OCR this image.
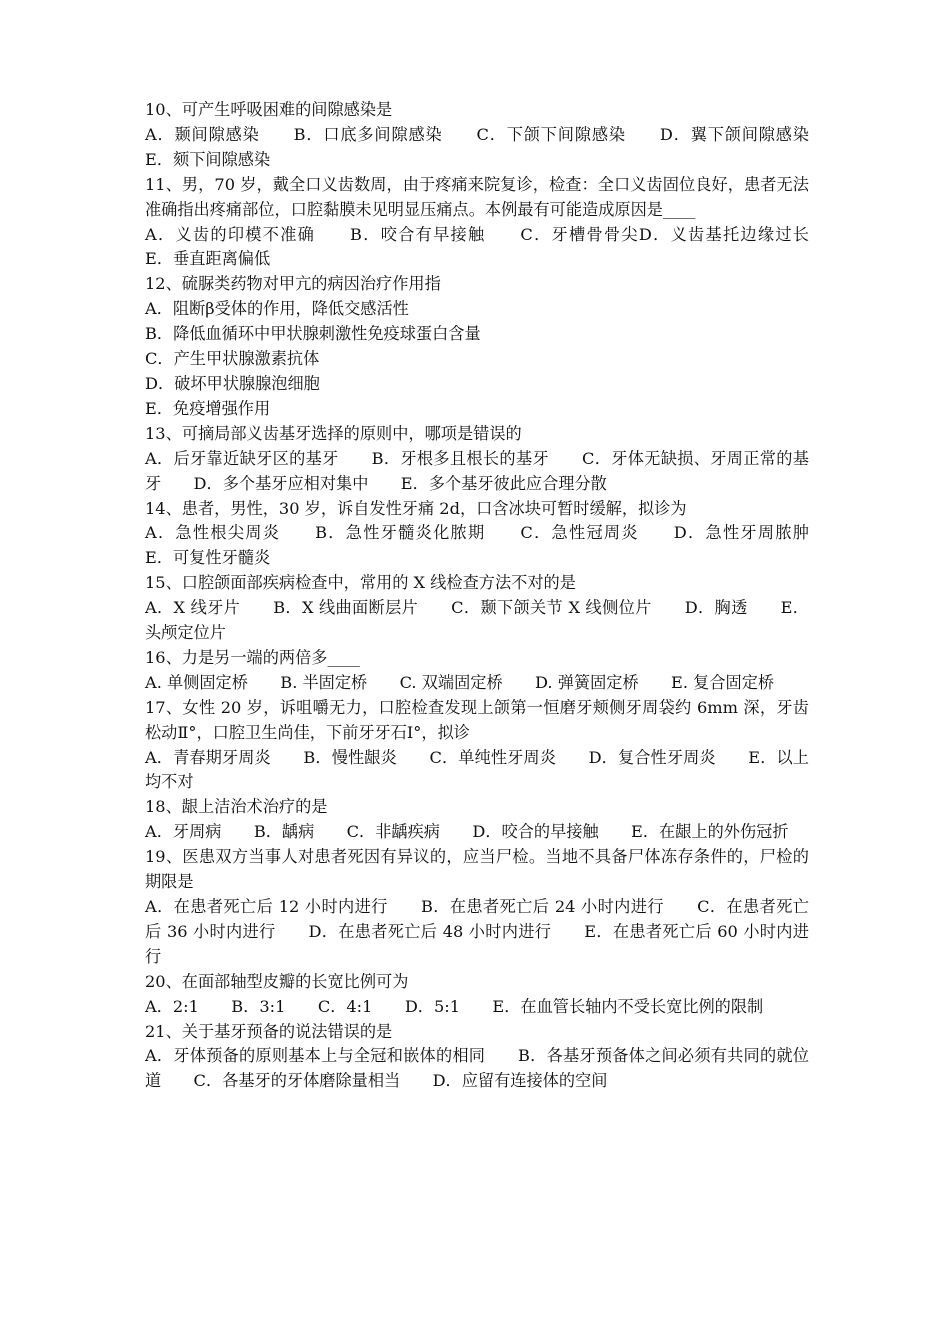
10、可产生呼吸困难的间隙感染是

A．颞间隙感染　　B．口底多间隙感染　　C．下颌下间隙感染　　D．翼下颌间隙感染　　E．颏下间隙感染

11、男，70 岁，戴全口义齿数周，由于疼痛来院复诊，检查：全口义齿固位良好，患者无法准确指出疼痛部位，口腔黏膜未见明显压痛点。本例最有可能造成原因是____

A．义齿的印模不准确　　B．咬合有早接触　　C．牙槽骨骨尖D．义齿基托边缘过长　　E．垂直距离偏低

12、硫脲类药物对甲亢的病因治疗作用指

A．阻断β受体的作用，降低交感活性

B．降低血循环中甲状腺刺激性免疫球蛋白含量

C．产生甲状腺激素抗体

D．破坏甲状腺腺泡细胞

E．免疫增强作用

13、可摘局部义齿基牙选择的原则中，哪项是错误的

A．后牙靠近缺牙区的基牙　　B．牙根多且根长的基牙　　C．牙体无缺损、牙周正常的基牙　　D．多个基牙应相对集中　　E．多个基牙彼此应合理分散

14、患者，男性，30 岁，诉自发性牙痛 2d，口含冰块可暂时缓解，拟诊为

A．急性根尖周炎　　B．急性牙髓炎化脓期　　C．急性冠周炎　　D．急性牙周脓肿　　E．可复性牙髓炎

15、口腔颌面部疾病检查中，常用的 X 线检查方法不对的是

A．X 线牙片　　B．X 线曲面断层片　　C．颞下颌关节 X 线侧位片　　D．胸透　　E．头颅定位片

16、力是另一端的两倍多____

A. 单侧固定桥　　B. 半固定桥　　C. 双端固定桥　　D. 弹簧固定桥　　E. 复合固定桥

17、女性 20 岁，诉咀嚼无力，口腔检查发现上颌第一恒磨牙颊侧牙周袋约 6mm 深，牙齿松动Ⅱ°，口腔卫生尚佳，下前牙牙石Ⅰ°，拟诊

A．青春期牙周炎　　B．慢性龈炎　　C．单纯性牙周炎　　D．复合性牙周炎　　E．以上均不对

18、龈上洁治术治疗的是

A．牙周病　　B．龋病　　C．非龋疾病　　D．咬合的早接触　　E．在龈上的外伤冠折

19、医患双方当事人对患者死因有异议的，应当尸检。当地不具备尸体冻存条件的，尸检的期限是

A．在患者死亡后 12 小时内进行　　B．在患者死亡后 24 小时内进行　　C．在患者死亡后 36 小时内进行　　D．在患者死亡后 48 小时内进行　　E．在患者死亡后 60 小时内进行

20、在面部轴型皮瓣的长宽比例可为

A．2:1　　B．3:1　　C．4:1　　D．5:1　　E．在血管长轴内不受长宽比例的限制

21、关于基牙预备的说法错误的是

A．牙体预备的原则基本上与全冠和嵌体的相同　　B．各基牙预备体之间必须有共同的就位道　　C．各基牙的牙体磨除量相当　　D．应留有连接体的空间
